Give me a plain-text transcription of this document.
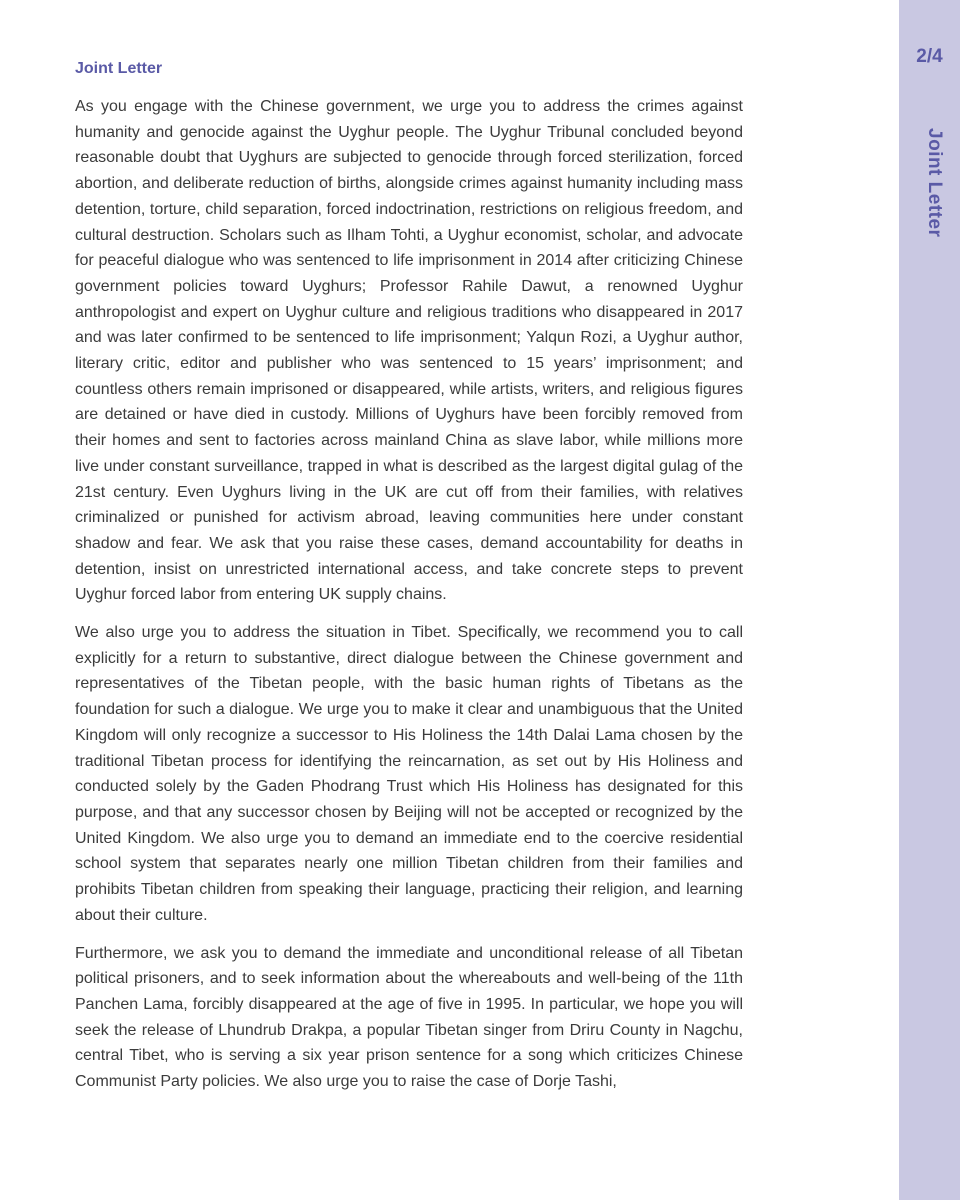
Joint Letter

As you engage with the Chinese government, we urge you to address the crimes against humanity and genocide against the Uyghur people. The Uyghur Tribunal concluded beyond reasonable doubt that Uyghurs are subjected to genocide through forced sterilization, forced abortion, and deliberate reduction of births, alongside crimes against humanity including mass detention, torture, child separation, forced indoctrination, restrictions on religious freedom, and cultural destruction. Scholars such as Ilham Tohti, a Uyghur economist, scholar, and advocate for peaceful dialogue who was sentenced to life imprisonment in 2014 after criticizing Chinese government policies toward Uyghurs; Professor Rahile Dawut, a renowned Uyghur anthropologist and expert on Uyghur culture and religious traditions who disappeared in 2017 and was later confirmed to be sentenced to life imprisonment; Yalqun Rozi, a Uyghur author, literary critic, editor and publisher who was sentenced to 15 years’ imprisonment; and countless others remain imprisoned or disappeared, while artists, writers, and religious figures are detained or have died in custody. Millions of Uyghurs have been forcibly removed from their homes and sent to factories across mainland China as slave labor, while millions more live under constant surveillance, trapped in what is described as the largest digital gulag of the 21st century. Even Uyghurs living in the UK are cut off from their families, with relatives criminalized or punished for activism abroad, leaving communities here under constant shadow and fear. We ask that you raise these cases, demand accountability for deaths in detention, insist on unrestricted international access, and take concrete steps to prevent Uyghur forced labor from entering UK supply chains.

We also urge you to address the situation in Tibet. Specifically, we recommend you to call explicitly for a return to substantive, direct dialogue between the Chinese government and representatives of the Tibetan people, with the basic human rights of Tibetans as the foundation for such a dialogue. We urge you to make it clear and unambiguous that the United Kingdom will only recognize a successor to His Holiness the 14th Dalai Lama chosen by the traditional Tibetan process for identifying the reincarnation, as set out by His Holiness and conducted solely by the Gaden Phodrang Trust which His Holiness has designated for this purpose, and that any successor chosen by Beijing will not be accepted or recognized by the United Kingdom. We also urge you to demand an immediate end to the coercive residential school system that separates nearly one million Tibetan children from their families and prohibits Tibetan children from speaking their language, practicing their religion, and learning about their culture.

Furthermore, we ask you to demand the immediate and unconditional release of all Tibetan political prisoners, and to seek information about the whereabouts and well-being of the 11th Panchen Lama, forcibly disappeared at the age of five in 1995. In particular, we hope you will seek the release of Lhundrub Drakpa, a popular Tibetan singer from Driru County in Nagchu, central Tibet, who is serving a six year prison sentence for a song which criticizes Chinese Communist Party policies. We also urge you to raise the case of Dorje Tashi,

2/4
Joint Letter
